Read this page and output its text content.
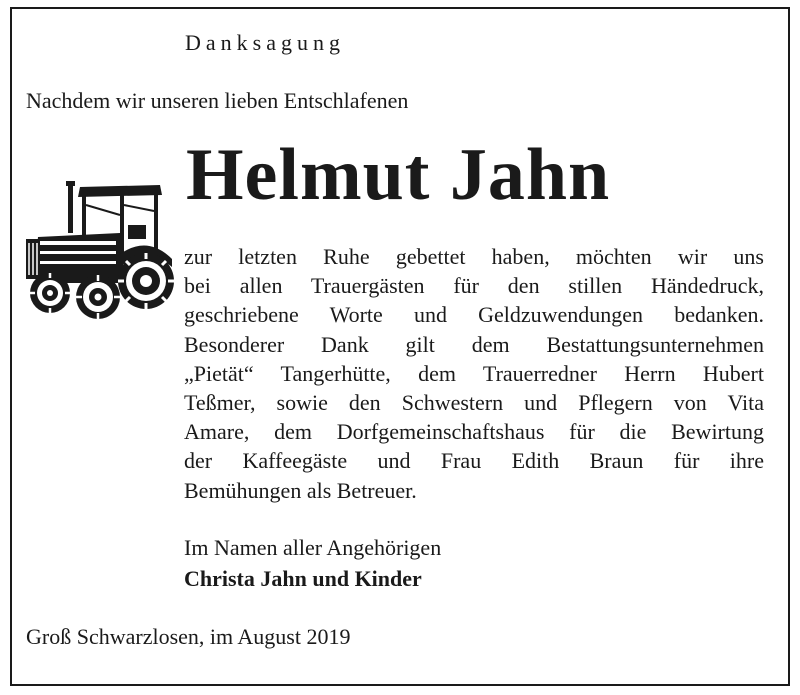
Danksagung
Nachdem wir unseren lieben Entschlafenen
Helmut Jahn
zur letzten Ruhe gebettet haben, möchten wir uns
bei allen Trauergästen für den stillen Händedruck,
geschriebene Worte und Geldzuwendungen bedanken.
Besonderer Dank gilt dem Bestattungsunternehmen
„Pietät“ Tangerhütte, dem Trauerredner Herrn Hubert
Teßmer, sowie den Schwestern und Pflegern von Vita
Amare, dem Dorfgemeinschaftshaus für die Bewirtung
der Kaffeegäste und Frau Edith Braun für ihre
Bemühungen als Betreuer.
Im Namen aller Angehörigen
Christa Jahn und Kinder
Groß Schwarzlosen, im August 2019
